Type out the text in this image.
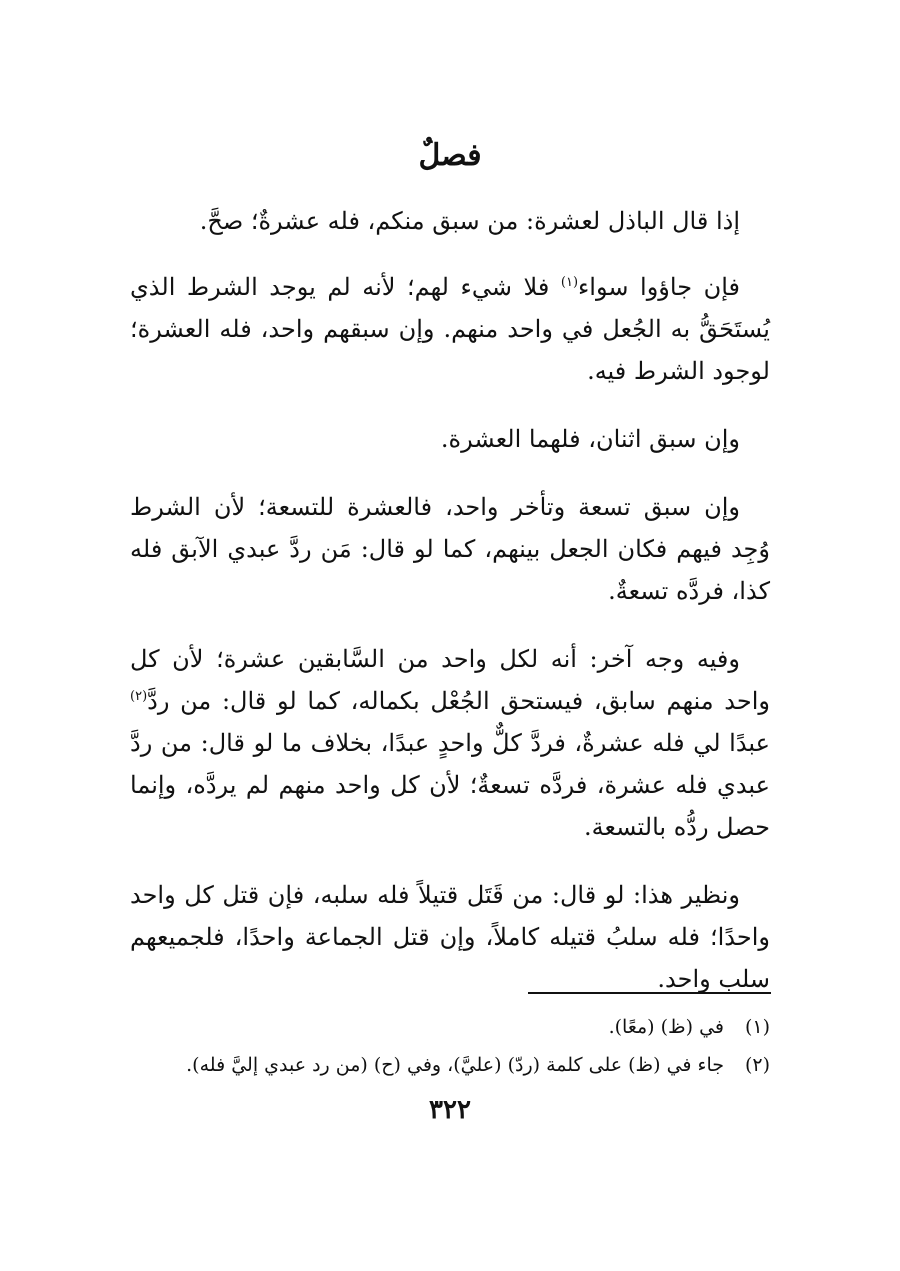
فصلٌ

إذا قال الباذل لعشرة: من سبق منكم، فله عشرةٌ؛ صحَّ.

فإن جاؤوا سواء$^{(١)}$ فلا شيء لهم؛ لأنه لم يوجد الشرط الذي يُستَحَقُّ به الجُعل في واحد منهم. وإن سبقهم واحد، فله العشرة؛ لوجود الشرط فيه.

وإن سبق اثنان، فلهما العشرة.

وإن سبق تسعة وتأخر واحد، فالعشرة للتسعة؛ لأن الشرط وُجِد فيهم فكان الجعل بينهم، كما لو قال: مَن ردَّ عبدي الآبق فله كذا، فردَّه تسعةٌ.

وفيه وجه آخر: أنه لكل واحد من السَّابقين عشرة؛ لأن كل واحد منهم سابق، فيستحق الجُعْل بكماله، كما لو قال: من ردَّ$^{(٢)}$ عبدًا لي فله عشرةٌ، فردَّ كلٌّ واحدٍ عبدًا، بخلاف ما لو قال: من ردَّ عبدي فله عشرة، فردَّه تسعةٌ؛ لأن كل واحد منهم لم يردَّه، وإنما حصل ردُّه بالتسعة.

ونظير هذا: لو قال: من قَتَل قتيلاً فله سلبه، فإن قتل كل واحد واحدًا؛ فله سلبُ قتيله كاملاً، وإن قتل الجماعة واحدًا، فلجميعهم سلب واحد.

(١)
في (ظ) (معًا).
(٢)
جاء في (ظ) على كلمة (ردّ) (عليَّ)، وفي (ح) (من رد عبدي إليَّ فله).
٣٢٢
